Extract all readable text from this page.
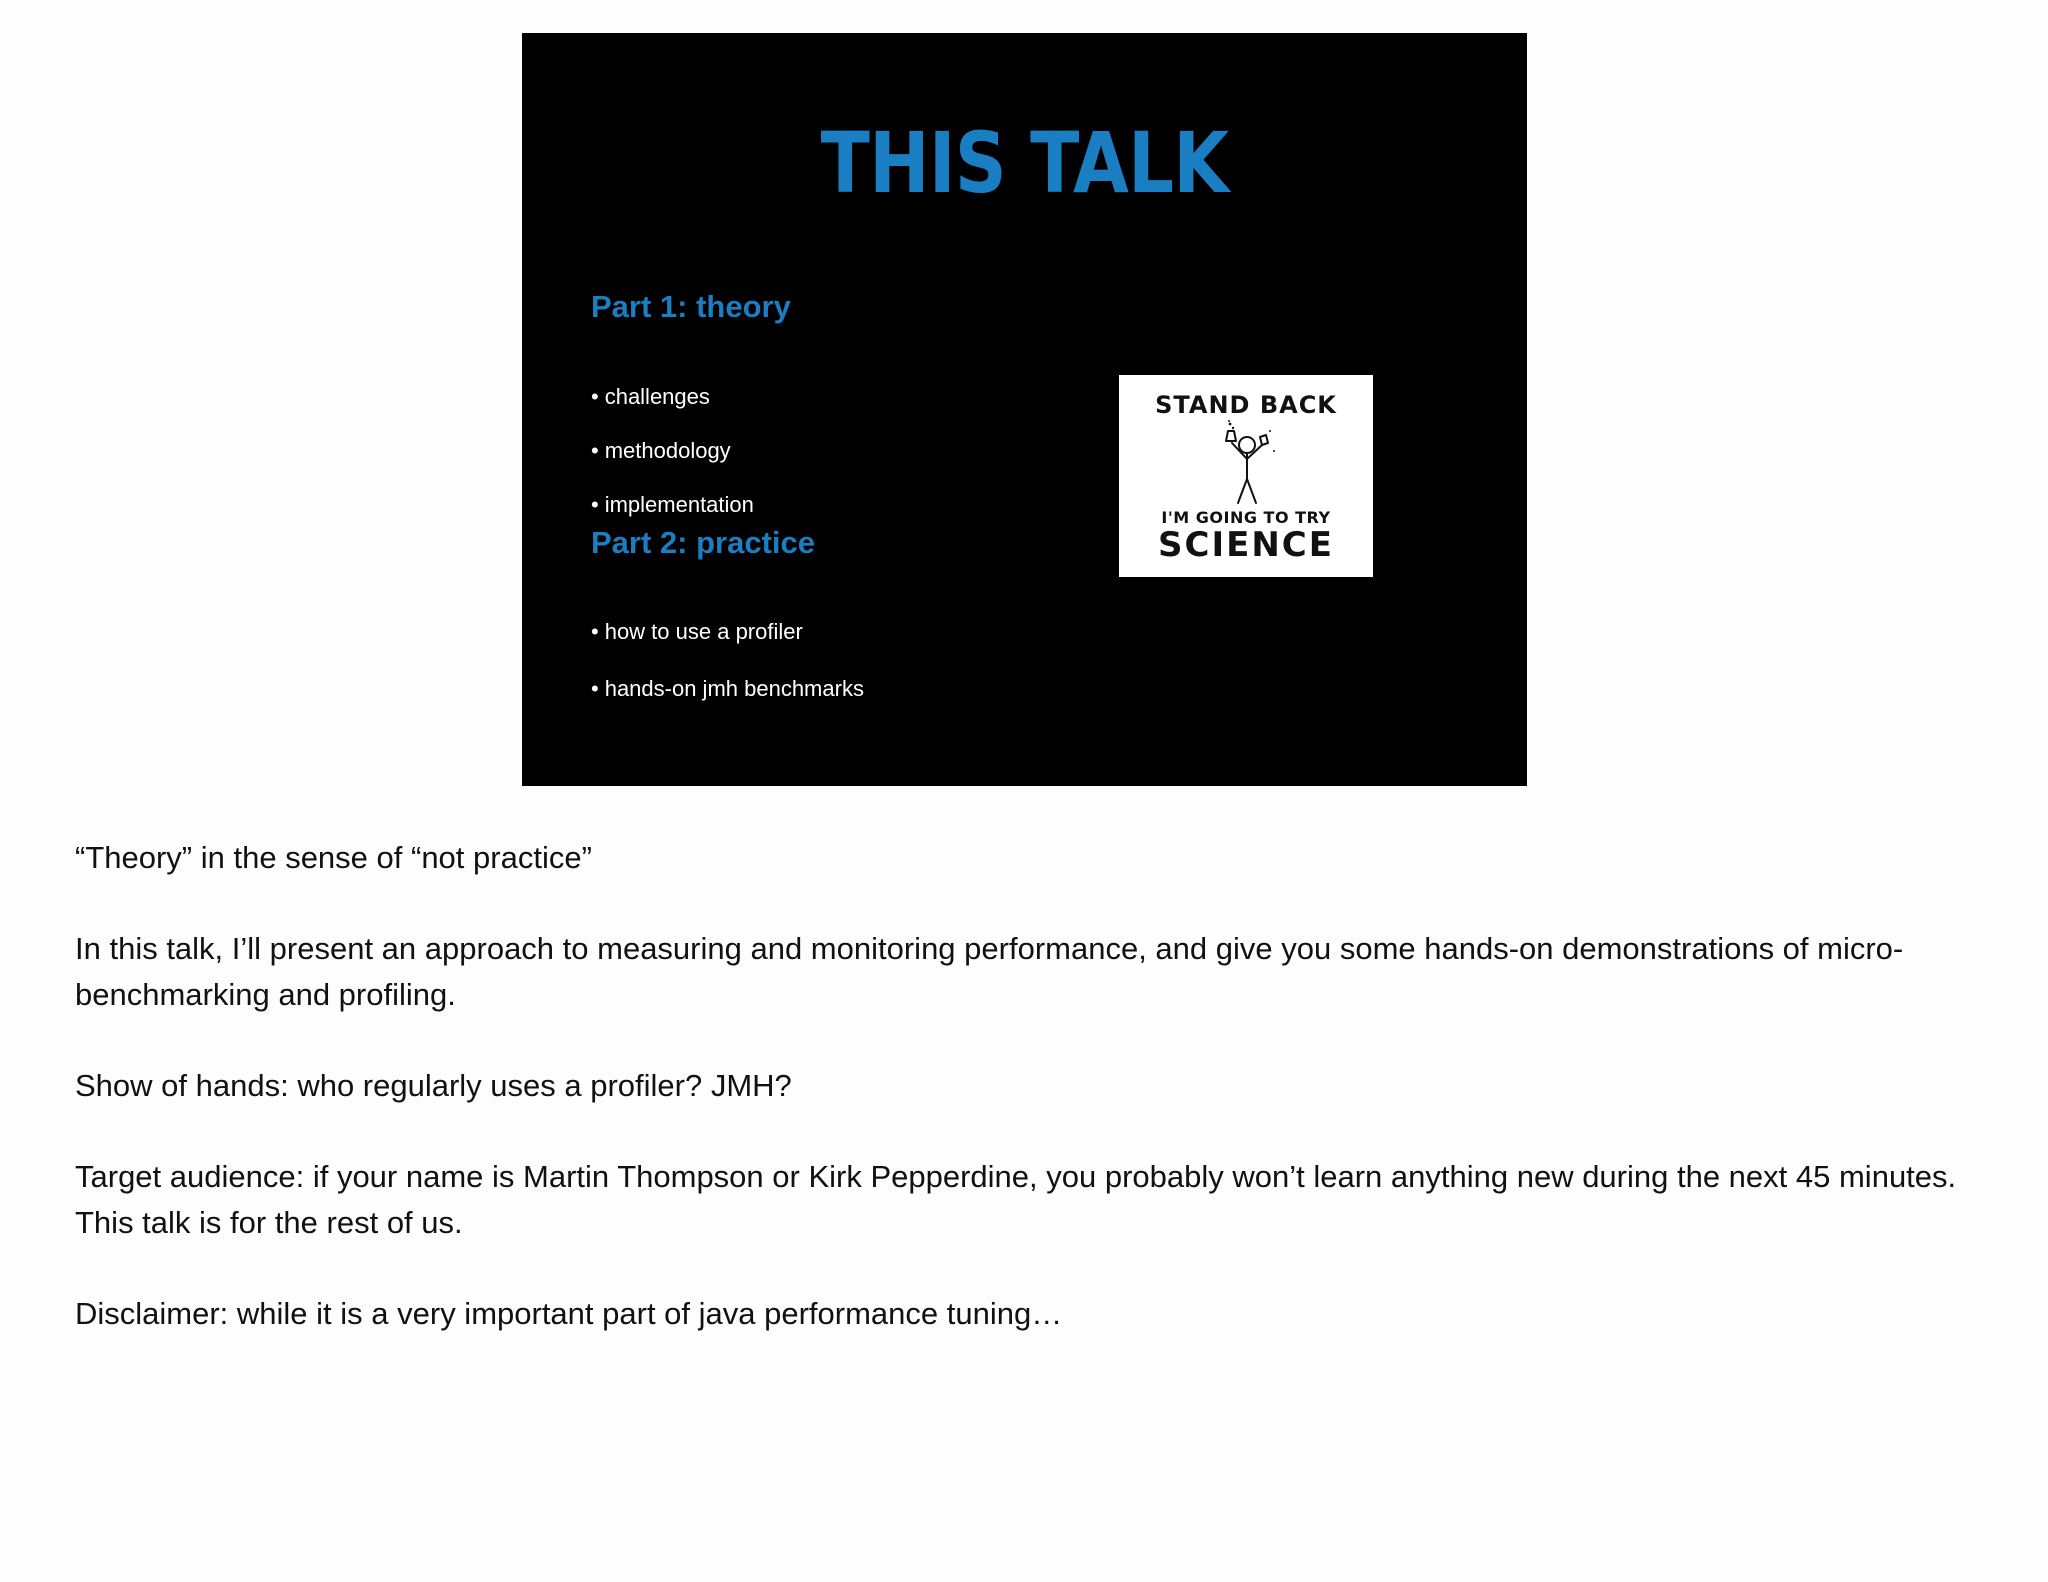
THIS TALK
Part 1: theory
• challenges
• methodology
• implementation
Part 2: practice
• how to use a profiler
• hands-on jmh benchmarks
STAND BACK
I'M GOING TO TRY
SCIENCE

“Theory” in the sense of “not practice”

In this talk, I’ll present an approach to measuring and monitoring performance, and give you some hands-on demonstrations of micro-benchmarking and profiling.

Show of hands: who regularly uses a profiler? JMH?

Target audience: if your name is Martin Thompson or Kirk Pepperdine, you probably won’t learn anything new during the next 45 minutes. This talk is for the rest of us.

Disclaimer: while it is a very important part of java performance tuning…
